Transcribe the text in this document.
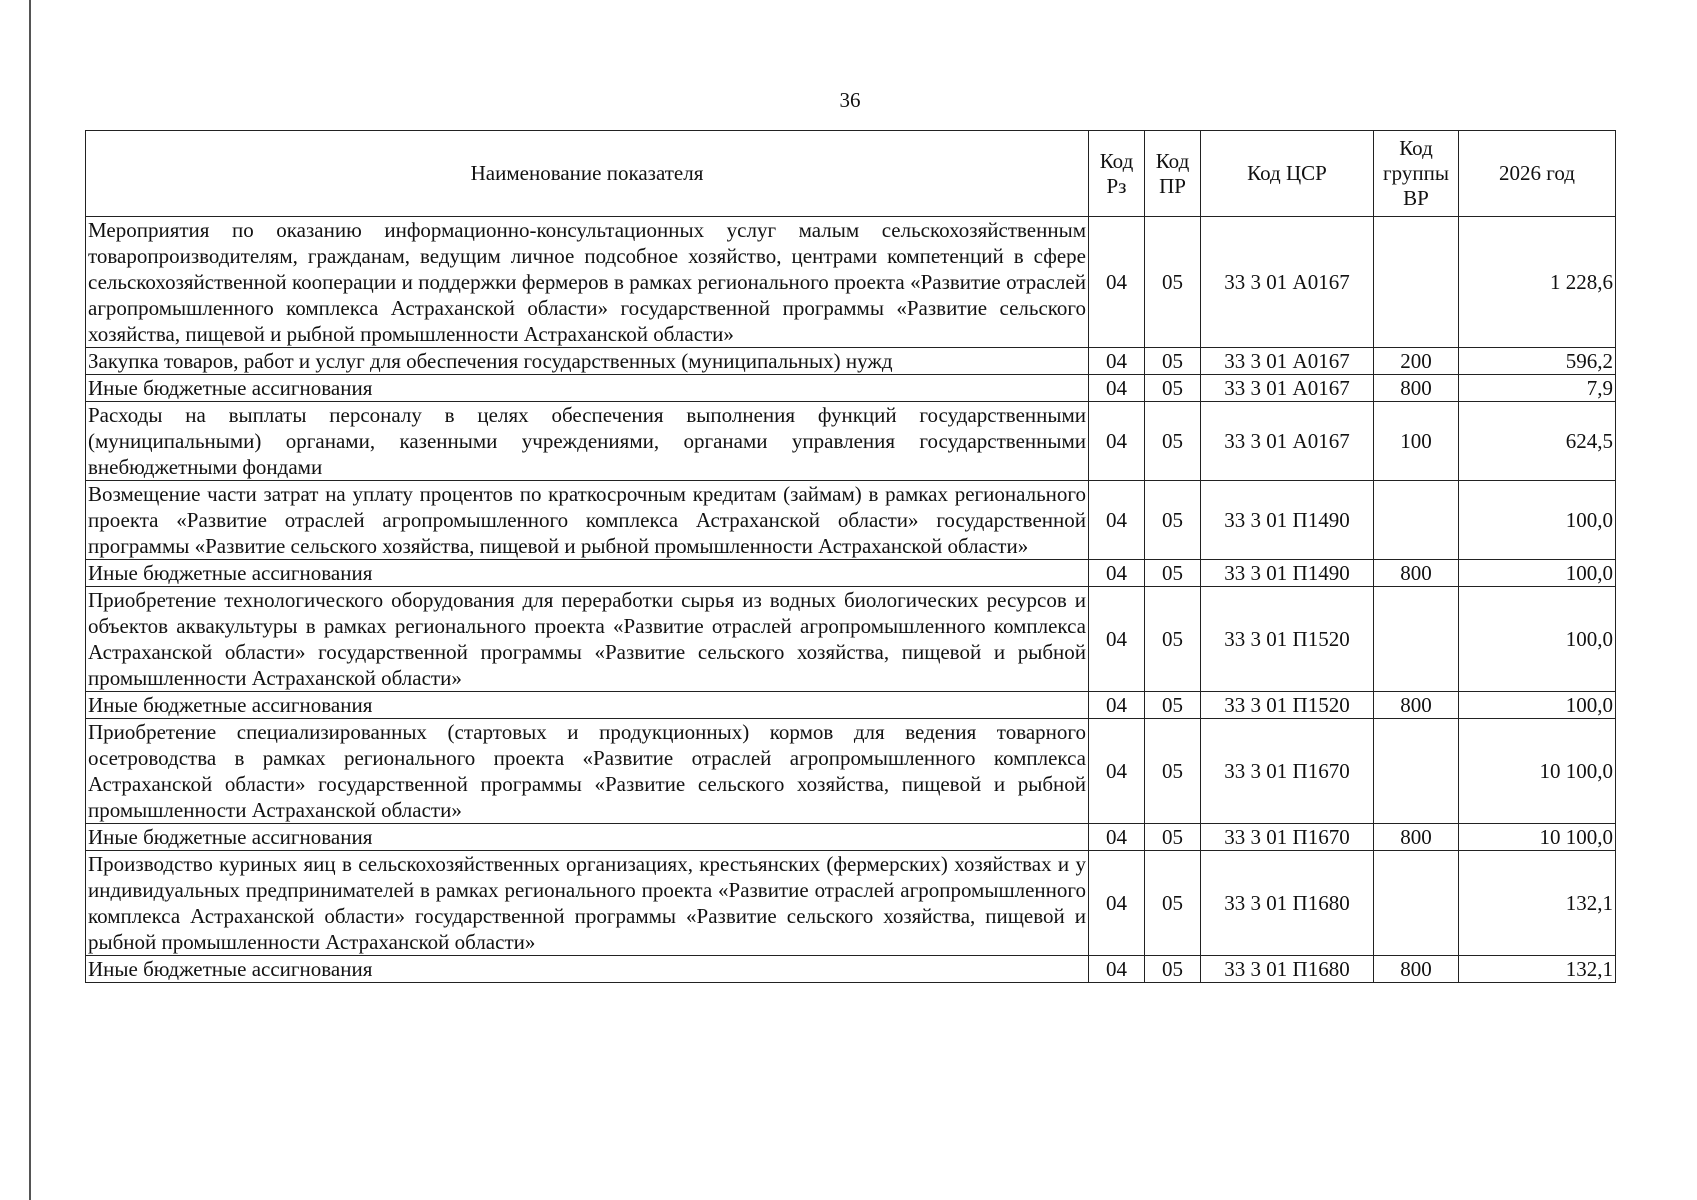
36
Наименование показателя	Код Рз	Код ПР	Код ЦСР	Код группы ВР	2026 год
Мероприятия по оказанию информационно-консультационных услуг малым сельскохозяйственным товаропроизводителям, гражданам, ведущим личное подсобное хозяйство, центрами компетенций в сфере сельскохозяйственной кооперации и поддержки фермеров в рамках регионального проекта «Развитие отраслей агропромышленного комплекса Астраханской области» государственной программы «Развитие сельского хозяйства, пищевой и рыбной промышленности Астраханской области»	04	05	33 3 01 А0167		1 228,6
Закупка товаров, работ и услуг для обеспечения государственных (муниципальных) нужд	04	05	33 3 01 А0167	200	596,2
Иные бюджетные ассигнования	04	05	33 3 01 А0167	800	7,9
Расходы на выплаты персоналу в целях обеспечения выполнения функций государственными (муниципальными) органами, казенными учреждениями, органами управления государственными внебюджетными фондами	04	05	33 3 01 А0167	100	624,5
Возмещение части затрат на уплату процентов по краткосрочным кредитам (займам) в рамках регионального проекта «Развитие отраслей агропромышленного комплекса Астраханской области» государственной программы «Развитие сельского хозяйства, пищевой и рыбной промышленности Астраханской области»	04	05	33 3 01 П1490		100,0
Иные бюджетные ассигнования	04	05	33 3 01 П1490	800	100,0
Приобретение технологического оборудования для переработки сырья из водных биологических ресурсов и объектов аквакультуры в рамках регионального проекта «Развитие отраслей агропромышленного комплекса Астраханской области» государственной программы «Развитие сельского хозяйства, пищевой и рыбной промышленности Астраханской области»	04	05	33 3 01 П1520		100,0
Иные бюджетные ассигнования	04	05	33 3 01 П1520	800	100,0
Приобретение специализированных (стартовых и продукционных) кормов для ведения товарного осетроводства в рамках регионального проекта «Развитие отраслей агропромышленного комплекса Астраханской области» государственной программы «Развитие сельского хозяйства, пищевой и рыбной промышленности Астраханской области»	04	05	33 3 01 П1670		10 100,0
Иные бюджетные ассигнования	04	05	33 3 01 П1670	800	10 100,0
Производство куриных яиц в сельскохозяйственных организациях, крестьянских (фермерских) хозяйствах и у индивидуальных предпринимателей в рамках регионального проекта «Развитие отраслей агропромышленного комплекса Астраханской области» государственной программы «Развитие сельского хозяйства, пищевой и рыбной промышленности Астраханской области»	04	05	33 3 01 П1680		132,1
Иные бюджетные ассигнования	04	05	33 3 01 П1680	800	132,1
